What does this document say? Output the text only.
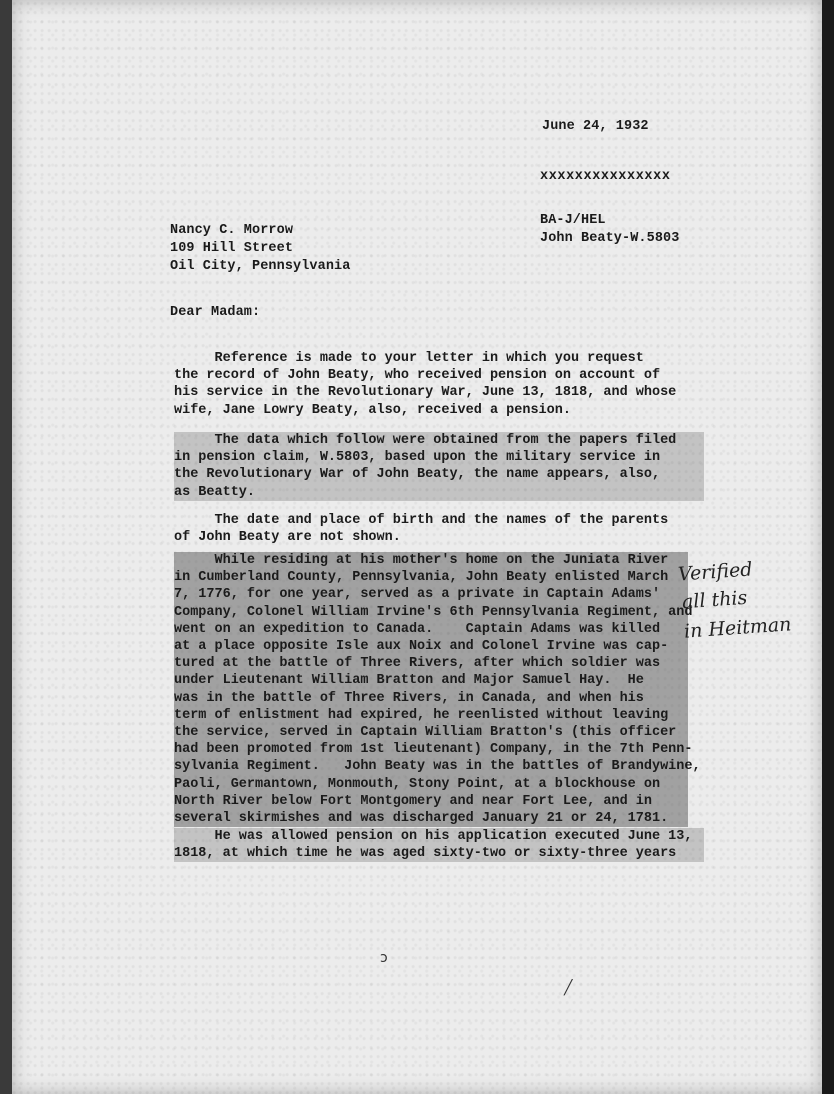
June 24, 1932
xxxxxxxxxxxxxxx
BA-J/HEL
John Beaty-W.5803
Nancy C. Morrow
109 Hill Street
Oil City, Pennsylvania
Dear Madam:
Reference is made to your letter in which you request
the record of John Beaty, who received pension on account of
his service in the Revolutionary War, June 13, 1818, and whose
wife, Jane Lowry Beaty, also, received a pension.
The data which follow were obtained from the papers filed
in pension claim, W.5803, based upon the military service in
the Revolutionary War of John Beaty, the name appears, also,
as Beatty.
The date and place of birth and the names of the parents
of John Beaty are not shown.
While residing at his mother's home on the Juniata River
in Cumberland County, Pennsylvania, John Beaty enlisted March
7, 1776, for one year, served as a private in Captain Adams'
Company, Colonel William Irvine's 6th Pennsylvania Regiment, and
went on an expedition to Canada.    Captain Adams was killed
at a place opposite Isle aux Noix and Colonel Irvine was cap-
tured at the battle of Three Rivers, after which soldier was
under Lieutenant William Bratton and Major Samuel Hay.  He
was in the battle of Three Rivers, in Canada, and when his
term of enlistment had expired, he reenlisted without leaving
the service, served in Captain William Bratton's (this officer
had been promoted from 1st lieutenant) Company, in the 7th Penn-
sylvania Regiment.   John Beaty was in the battles of Brandywine,
Paoli, Germantown, Monmouth, Stony Point, at a blockhouse on
North River below Fort Montgomery and near Fort Lee, and in
several skirmishes and was discharged January 21 or 24, 1781.
He was allowed pension on his application executed June 13,
1818, at which time he was aged sixty-two or sixty-three years
Verified
all this
in Heitman
ↄ
╱
